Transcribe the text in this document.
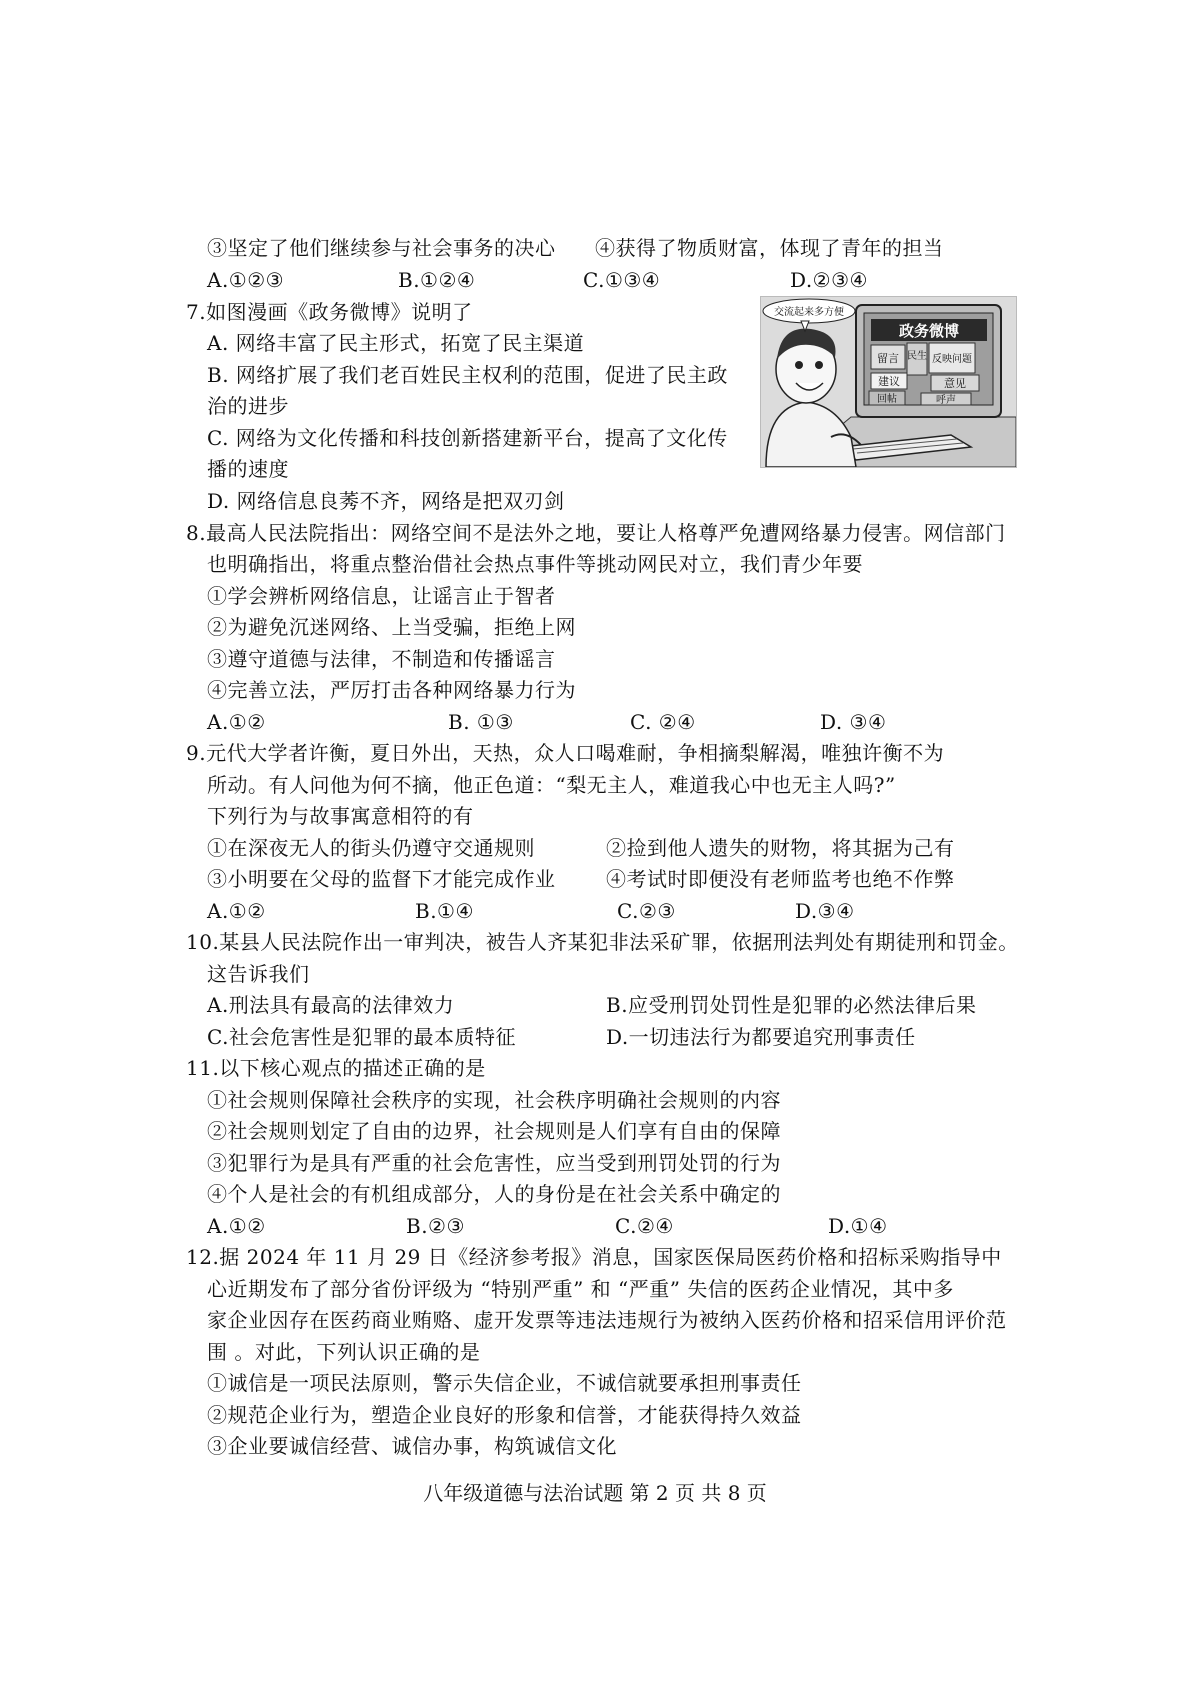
③坚定了他们继续参与社会事务的决心 ④获得了物质财富，体现了青年的担当
A.①②③	B.①②④	C.①③④	D.②③④
7.如图漫画《政务微博》说明了
A. 网络丰富了民主形式，拓宽了民主渠道
B. 网络扩展了我们老百姓民主权利的范围，促进了民主政
治的进步
C. 网络为文化传播和科技创新搭建新平台，提高了文化传
播的速度
D. 网络信息良莠不齐，网络是把双刃剑
政务微博
留言 民生 反映问题
建议	意见
回帖	呼声
交流起来多方便
8.最高人民法院指出：网络空间不是法外之地，要让人格尊严免遭网络暴力侵害。网信部门
也明确指出，将重点整治借社会热点事件等挑动网民对立，我们青少年要
①学会辨析网络信息，让谣言止于智者
②为避免沉迷网络、上当受骗，拒绝上网
③遵守道德与法律，不制造和传播谣言
④完善立法，严厉打击各种网络暴力行为
A.①②	B. ①③	C. ②④	D. ③④
9.元代大学者许衡，夏日外出，天热，众人口喝难耐，争相摘梨解渴，唯独许衡不为
所动。有人问他为何不摘，他正色道：“梨无主人，难道我心中也无主人吗?”
下列行为与故事寓意相符的有
①在深夜无人的街头仍遵守交通规则	②捡到他人遗失的财物，将其据为己有
③小明要在父母的监督下才能完成作业	④考试时即便没有老师监考也绝不作弊
A.①②	B.①④	C.②③	D.③④
10.某县人民法院作出一审判决，被告人齐某犯非法采矿罪，依据刑法判处有期徒刑和罚金。
这告诉我们
A.刑法具有最高的法律效力	B.应受刑罚处罚性是犯罪的必然法律后果
C.社会危害性是犯罪的最本质特征	D.一切违法行为都要追究刑事责任
11.以下核心观点的描述正确的是
①社会规则保障社会秩序的实现，社会秩序明确社会规则的内容
②社会规则划定了自由的边界，社会规则是人们享有自由的保障
③犯罪行为是具有严重的社会危害性，应当受到刑罚处罚的行为
④个人是社会的有机组成部分，人的身份是在社会关系中确定的
A.①②	B.②③	C.②④	D.①④
12.据 2024 年 11 月 29 日《经济参考报》消息，国家医保局医药价格和招标采购指导中
心近期发布了部分省份评级为 “特别严重” 和 “严重” 失信的医药企业情况，其中多
家企业因存在医药商业贿赂、虚开发票等违法违规行为被纳入医药价格和招采信用评价范
围 。对此，下列认识正确的是
①诚信是一项民法原则，警示失信企业，不诚信就要承担刑事责任
②规范企业行为，塑造企业良好的形象和信誉，才能获得持久效益
③企业要诚信经营、诚信办事，构筑诚信文化
八年级道德与法治试题 第 2 页 共 8 页
